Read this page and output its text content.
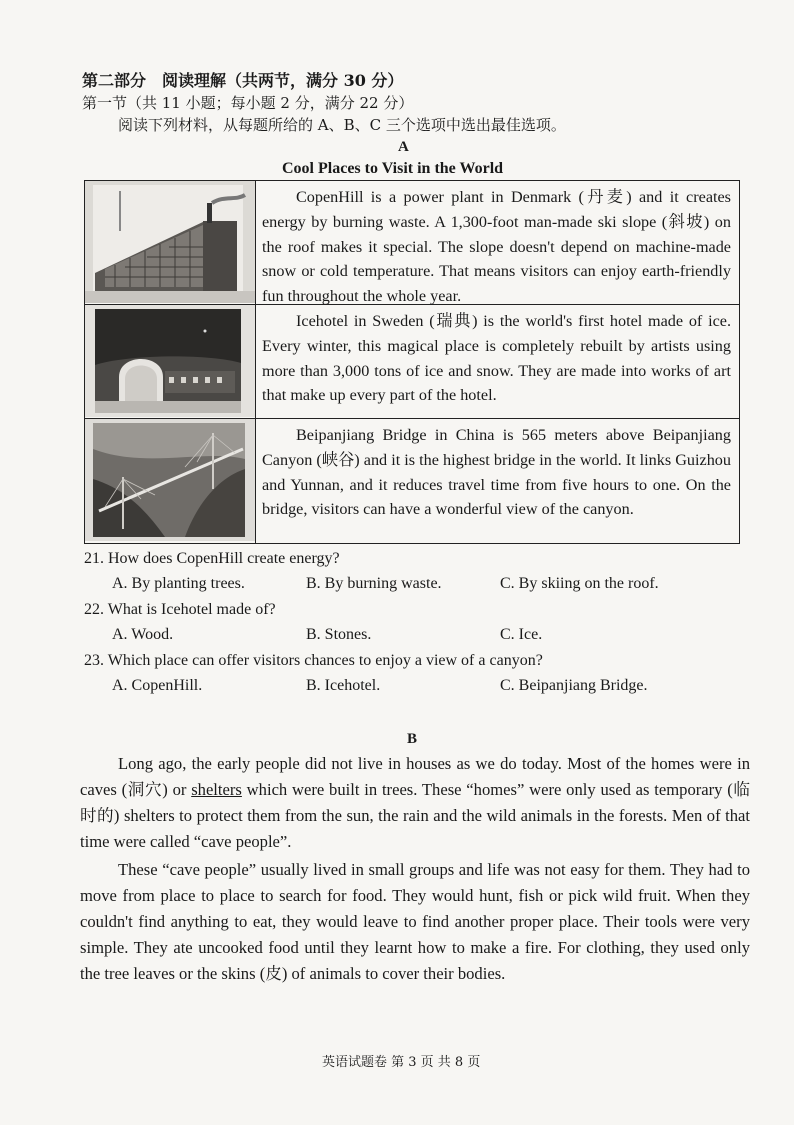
第二部分　阅读理解（共两节，满分 30 分）
第一节（共 11 小题；每小题 2 分，满分 22 分）
阅读下列材料，从每题所给的 A、B、C 三个选项中选出最佳选项。
A
Cool Places to Visit in the World
CopenHill is a power plant in Denmark (丹麦) and it creates energy by burning waste. A 1,300-foot man-made ski slope (斜坡) on the roof makes it special. The slope doesn't depend on machine-made snow or cold temperature. That means visitors can enjoy earth-friendly fun throughout the whole year.
Icehotel in Sweden (瑞典) is the world's first hotel made of ice. Every winter, this magical place is completely rebuilt by artists using more than 3,000 tons of ice and snow. They are made into works of art that make up every part of the hotel.
Beipanjiang Bridge in China is 565 meters above Beipanjiang Canyon (峡谷) and it is the highest bridge in the world. It links Guizhou and Yunnan, and it reduces travel time from five hours to one. On the bridge, visitors can have a wonderful view of the canyon.
21. How does CopenHill create energy?
A. By planting trees.	B. By burning waste.	C. By skiing on the roof.
22. What is Icehotel made of?
A. Wood.	B. Stones.	C. Ice.
23. Which place can offer visitors chances to enjoy a view of a canyon?
A. CopenHill.	B. Icehotel.	C. Beipanjiang Bridge.
B
Long ago, the early people did not live in houses as we do today. Most of the homes were in caves (洞穴) or shelters which were built in trees. These “homes” were only used as temporary (临时的) shelters to protect them from the sun, the rain and the wild animals in the forests. Men of that time were called “cave people”.
These “cave people” usually lived in small groups and life was not easy for them. They had to move from place to place to search for food. They would hunt, fish or pick wild fruit. When they couldn't find anything to eat, they would leave to find another proper place. Their tools were very simple. They ate uncooked food until they learnt how to make a fire. For clothing, they used only the tree leaves or the skins (皮) of animals to cover their bodies.
英语试题卷 第 3 页 共 8 页
